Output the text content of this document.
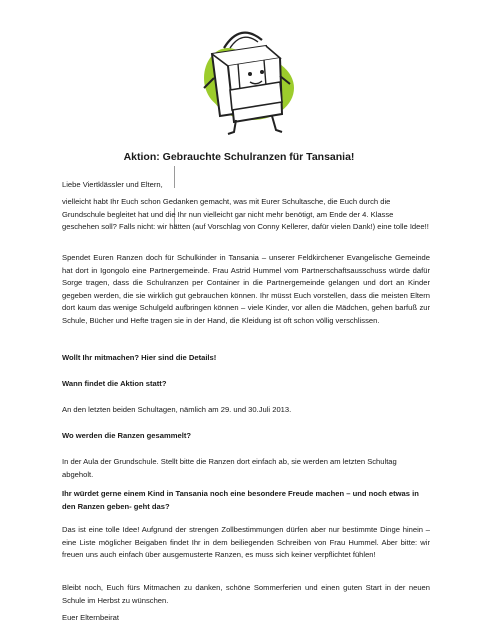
Aktion: Gebrauchte Schulranzen für Tansania!

Liebe Viertklässler und Eltern,

vielleicht habt Ihr Euch schon Gedanken gemacht, was mit Eurer Schultasche, die Euch durch die Grundschule begleitet hat und die Ihr nun vielleicht gar nicht mehr benötigt, am Ende der 4. Klasse geschehen soll? Falls nicht: wir hätten (auf Vorschlag von Conny Kellerer, dafür vielen Dank!) eine tolle Idee!!

Spendet Euren Ranzen doch für Schulkinder in Tansania – unserer Feldkirchener Evangelische Gemeinde hat dort in Igongolo eine Partnergemeinde. Frau Astrid Hummel vom Partnerschaftsausschuss würde dafür Sorge tragen, dass die Schulranzen per Container in die Partnergemeinde gelangen und dort an Kinder gegeben werden, die sie wirklich gut gebrauchen können. Ihr müsst Euch vorstellen, dass die meisten Eltern dort kaum das wenige Schulgeld aufbringen können – viele Kinder, vor allen die Mädchen, gehen barfuß zur Schule, Bücher und Hefte tragen sie in der Hand, die Kleidung ist oft schon völlig verschlissen.

Wollt Ihr mitmachen? Hier sind die Details!

Wann findet die Aktion statt?

An den letzten beiden Schultagen, nämlich am 29. und 30.Juli 2013.

Wo werden die Ranzen gesammelt?

In der Aula der Grundschule. Stellt bitte die Ranzen dort einfach ab, sie werden am letzten Schultag abgeholt.

Ihr würdet gerne einem Kind in Tansania noch eine besondere Freude machen – und noch etwas in den Ranzen geben- geht das?

Das ist eine tolle Idee! Aufgrund der strengen Zollbestimmungen dürfen aber nur bestimmte Dinge hinein – eine Liste möglicher Beigaben findet Ihr in dem beiliegenden Schreiben von Frau Hummel. Aber bitte: wir freuen uns auch einfach über ausgemusterte Ranzen, es muss sich keiner verpflichtet fühlen!

Bleibt noch, Euch fürs Mitmachen zu danken, schöne Sommerferien und einen guten Start in der neuen Schule im Herbst zu wünschen.

Euer Elternbeirat
